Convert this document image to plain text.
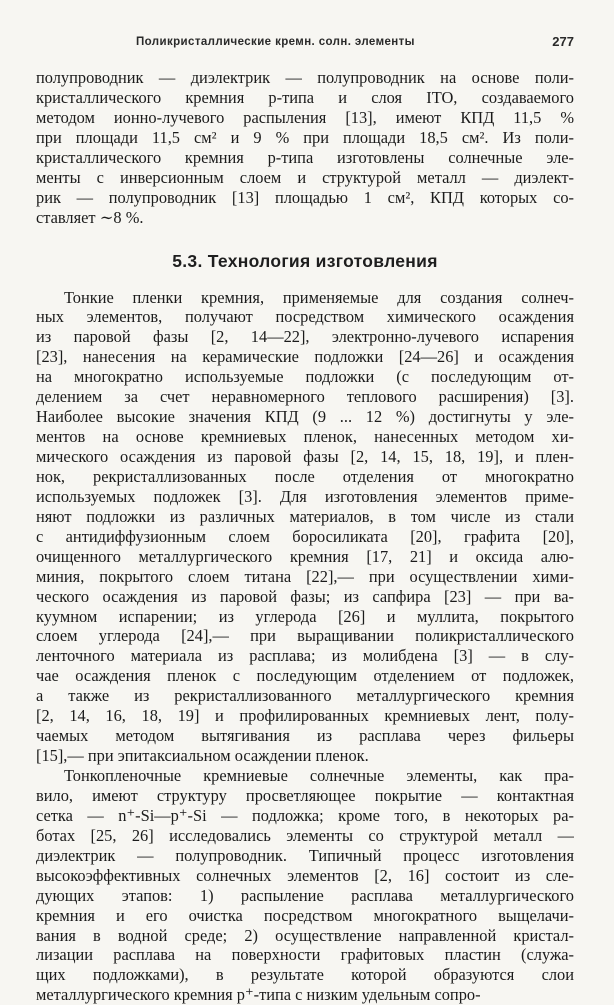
Поликристаллические кремн. солн. элементы	277
полупроводник — диэлектрик — полупроводник на основе поли-
кристаллического кремния p-типа и слоя ITO, создаваемого
методом ионно-лучевого распыления [13], имеют КПД 11,5 %
при площади 11,5 см² и 9 % при площади 18,5 см². Из поли-
кристаллического кремния p-типа изготовлены солнечные эле-
менты с инверсионным слоем и структурой металл — диэлект-
рик — полупроводник [13] площадью 1 см², КПД которых со-
ставляет ∼8 %.
5.3. Технология изготовления
Тонкие пленки кремния, применяемые для создания солнеч-
ных элементов, получают посредством химического осаждения
из паровой фазы [2, 14—22], электронно-лучевого испарения
[23], нанесения на керамические подложки [24—26] и осаждения
на многократно используемые подложки (с последующим от-
делением за счет неравномерного теплового расширения) [3].
Наиболее высокие значения КПД (9 ... 12 %) достигнуты у эле-
ментов на основе кремниевых пленок, нанесенных методом хи-
мического осаждения из паровой фазы [2, 14, 15, 18, 19], и плен-
нок, рекристаллизованных после отделения от многократно
используемых подложек [3]. Для изготовления элементов приме-
няют подложки из различных материалов, в том числе из стали
с антидиффузионным слоем боросиликата [20], графита [20],
очищенного металлургического кремния [17, 21] и оксида алю-
миния, покрытого слоем титана [22],— при осуществлении хими-
ческого осаждения из паровой фазы; из сапфира [23] — при ва-
куумном испарении; из углерода [26] и муллита, покрытого
слоем углерода [24],— при выращивании поликристаллического
ленточного материала из расплава; из молибдена [3] — в слу-
чае осаждения пленок с последующим отделением от подложек,
а также из рекристаллизованного металлургического кремния
[2, 14, 16, 18, 19] и профилированных кремниевых лент, полу-
чаемых методом вытягивания из расплава через фильеры
[15],— при эпитаксиальном осаждении пленок.
Тонкопленочные кремниевые солнечные элементы, как пра-
вило, имеют структуру просветляющее покрытие — контактная
сетка — n⁺-Si—p⁺-Si — подложка; кроме того, в некоторых ра-
ботах [25, 26] исследовались элементы со структурой металл —
диэлектрик — полупроводник. Типичный процесс изготовления
высокоэффективных солнечных элементов [2, 16] состоит из сле-
дующих этапов: 1) распыление расплава металлургического
кремния и его очистка посредством многократного выщелачи-
вания в водной среде; 2) осуществление направленной кристал-
лизации расплава на поверхности графитовых пластин (служа-
щих подложками), в результате которой образуются слои
металлургического кремния p⁺-типа с низким удельным сопро-
